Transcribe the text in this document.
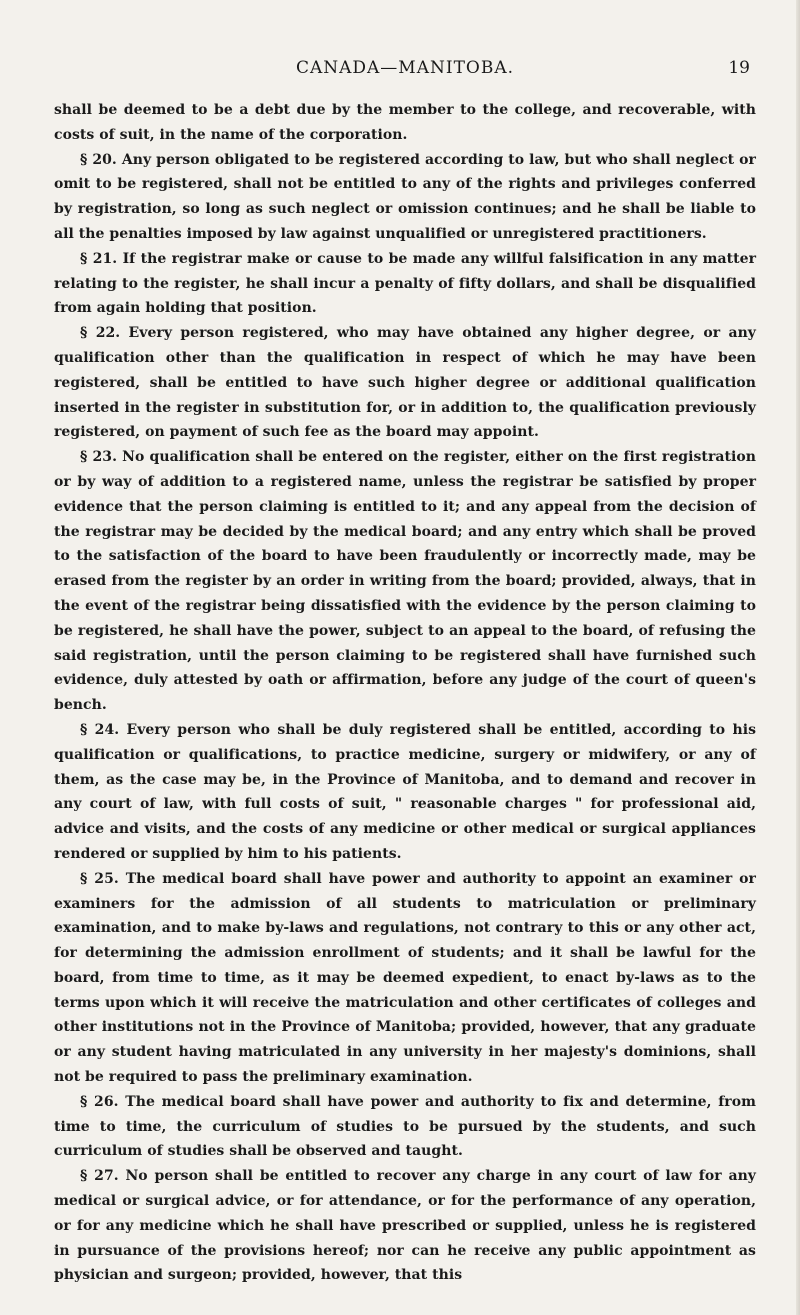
CANADA—MANITOBA.	19

shall be deemed to be a debt due by the member to the college, and recoverable, with costs of suit, in the name of the corporation.

§ 20. Any person obligated to be registered according to law, but who shall neglect or omit to be registered, shall not be entitled to any of the rights and privileges conferred by registration, so long as such neglect or omission continues; and he shall be liable to all the penalties imposed by law against unqualified or unregistered practitioners.

§ 21. If the registrar make or cause to be made any willful falsification in any matter relating to the register, he shall incur a penalty of fifty dollars, and shall be disqualified from again holding that position.

§ 22. Every person registered, who may have obtained any higher degree, or any qualification other than the qualification in respect of which he may have been registered, shall be entitled to have such higher degree or additional qualification inserted in the register in substitution for, or in addition to, the qualification previously registered, on payment of such fee as the board may appoint.

§ 23. No qualification shall be entered on the register, either on the first registration or by way of addition to a registered name, unless the registrar be satisfied by proper evidence that the person claiming is entitled to it; and any appeal from the decision of the registrar may be decided by the medical board; and any entry which shall be proved to the satisfaction of the board to have been fraudulently or incorrectly made, may be erased from the register by an order in writing from the board; provided, always, that in the event of the registrar being dissatisfied with the evidence by the person claiming to be registered, he shall have the power, subject to an appeal to the board, of refusing the said registration, until the person claiming to be registered shall have furnished such evidence, duly attested by oath or affirmation, before any judge of the court of queen's bench.

§ 24. Every person who shall be duly registered shall be entitled, according to his qualification or qualifications, to practice medicine, surgery or midwifery, or any of them, as the case may be, in the Province of Manitoba, and to demand and recover in any court of law, with full costs of suit, " reasonable charges " for professional aid, advice and visits, and the costs of any medicine or other medical or surgical appliances rendered or supplied by him to his patients.

§ 25. The medical board shall have power and authority to appoint an examiner or examiners for the admission of all students to matriculation or preliminary examination, and to make by-laws and regulations, not contrary to this or any other act, for determining the admission enrollment of students; and it shall be lawful for the board, from time to time, as it may be deemed expedient, to enact by-laws as to the terms upon which it will receive the matriculation and other certificates of colleges and other institutions not in the Province of Manitoba; provided, however, that any graduate or any student having matriculated in any university in her majesty's dominions, shall not be required to pass the preliminary examination.

§ 26. The medical board shall have power and authority to fix and determine, from time to time, the curriculum of studies to be pursued by the students, and such curriculum of studies shall be observed and taught.

§ 27. No person shall be entitled to recover any charge in any court of law for any medical or surgical advice, or for attendance, or for the performance of any operation, or for any medicine which he shall have prescribed or supplied, unless he is registered in pursuance of the provisions hereof; nor can he receive any public appointment as physician and surgeon; provided, however, that this
